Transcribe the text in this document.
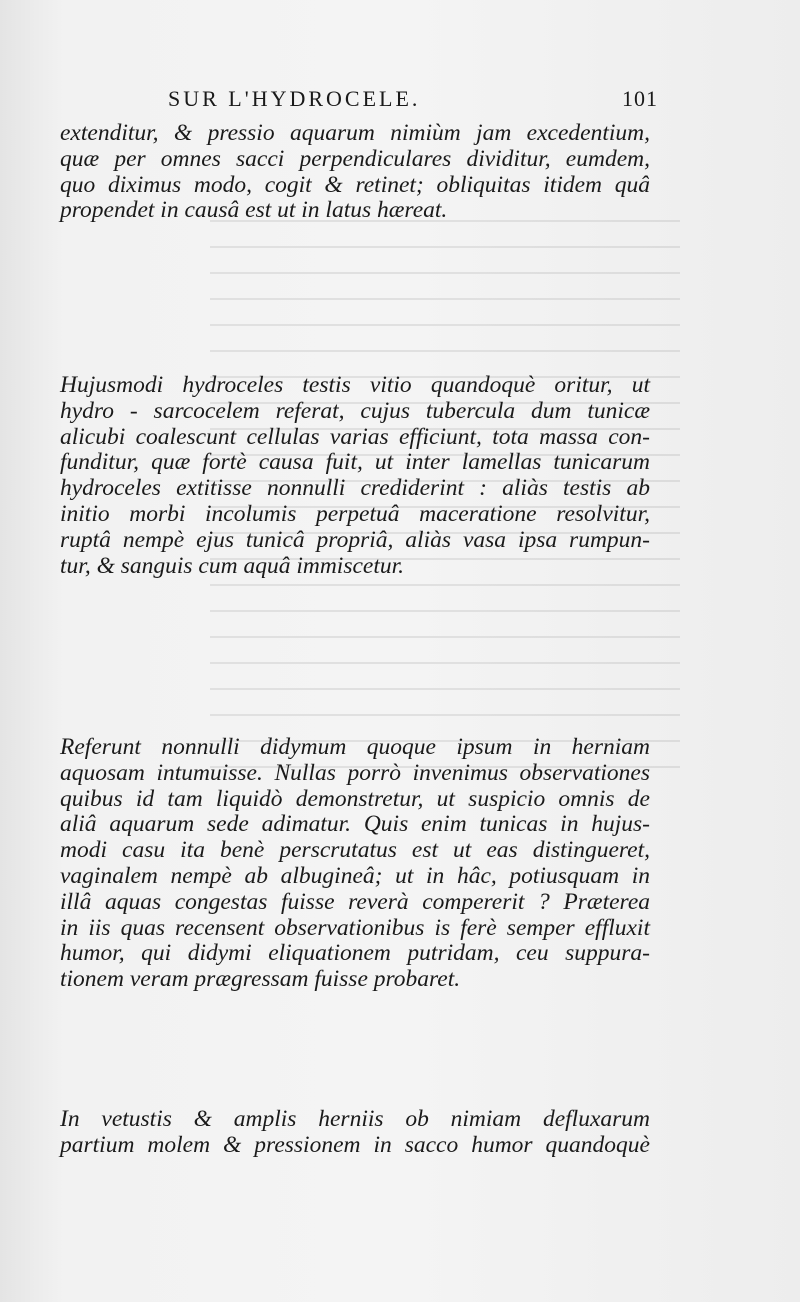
SUR L'HYDROCELE.	101

extenditur, & pressio aquarum nimiùm jam excedentium,
quæ per omnes sacci perpendiculares dividitur, eumdem,
quo diximus modo, cogit & retinet; obliquitas itidem quâ
propendet in causâ est ut in latus hæreat.

Hujusmodi hydroceles testis vitio quandoquè oritur, ut
hydro - sarcocelem referat, cujus tubercula dum tunicæ
alicubi coalescunt cellulas varias efficiunt, tota massa con-
funditur, quæ fortè causa fuit, ut inter lamellas tunicarum
hydroceles extitisse nonnulli crediderint : aliàs testis ab
initio morbi incolumis perpetuâ maceratione resolvitur,
ruptâ nempè ejus tunicâ propriâ, aliàs vasa ipsa rumpun-
tur, & sanguis cum aquâ immiscetur.

Referunt nonnulli didymum quoque ipsum in herniam
aquosam intumuisse. Nullas porrò invenimus observationes
quibus id tam liquidò demonstretur, ut suspicio omnis de
aliâ aquarum sede adimatur. Quis enim tunicas in hujus-
modi casu ita benè perscrutatus est ut eas distingueret,
vaginalem nempè ab albugineâ; ut in hâc, potiusquam in
illâ aquas congestas fuisse reverà compererit ? Præterea
in iis quas recensent observationibus is ferè semper effluxit
humor, qui didymi eliquationem putridam, ceu suppura-
tionem veram prægressam fuisse probaret.

In vetustis & amplis herniis ob nimiam defluxarum
partium molem & pressionem in sacco humor quandoquè
